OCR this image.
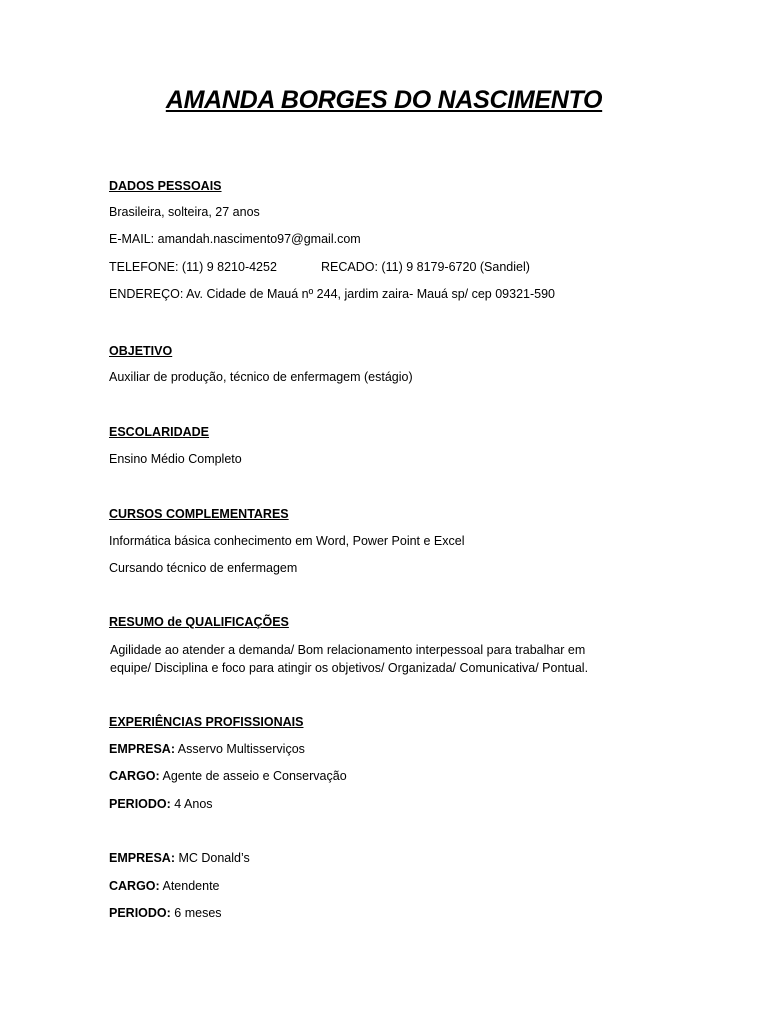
AMANDA BORGES DO NASCIMENTO
DADOS PESSOAIS
Brasileira, solteira, 27 anos
E-MAIL: amandah.nascimento97@gmail.com
TELEFONE: (11) 9 8210-4252	RECADO: (11) 9 8179-6720 (Sandiel)
ENDEREÇO: Av. Cidade de Mauá nº 244, jardim zaira- Mauá sp/ cep 09321-590
OBJETIVO
Auxiliar de produção, técnico de enfermagem (estágio)
ESCOLARIDADE
Ensino Médio Completo
CURSOS COMPLEMENTARES
Informática básica conhecimento em Word, Power Point e Excel
Cursando técnico de enfermagem
RESUMO de QUALIFICAÇÕES
Agilidade ao atender a demanda/ Bom relacionamento interpessoal para trabalhar em
equipe/ Disciplina e foco para atingir os objetivos/ Organizada/ Comunicativa/ Pontual.
EXPERIÊNCIAS PROFISSIONAIS
EMPRESA: Asservo Multisserviços
CARGO: Agente de asseio e Conservação
PERIODO: 4 Anos
EMPRESA: MC Donald’s
CARGO: Atendente
PERIODO: 6 meses
